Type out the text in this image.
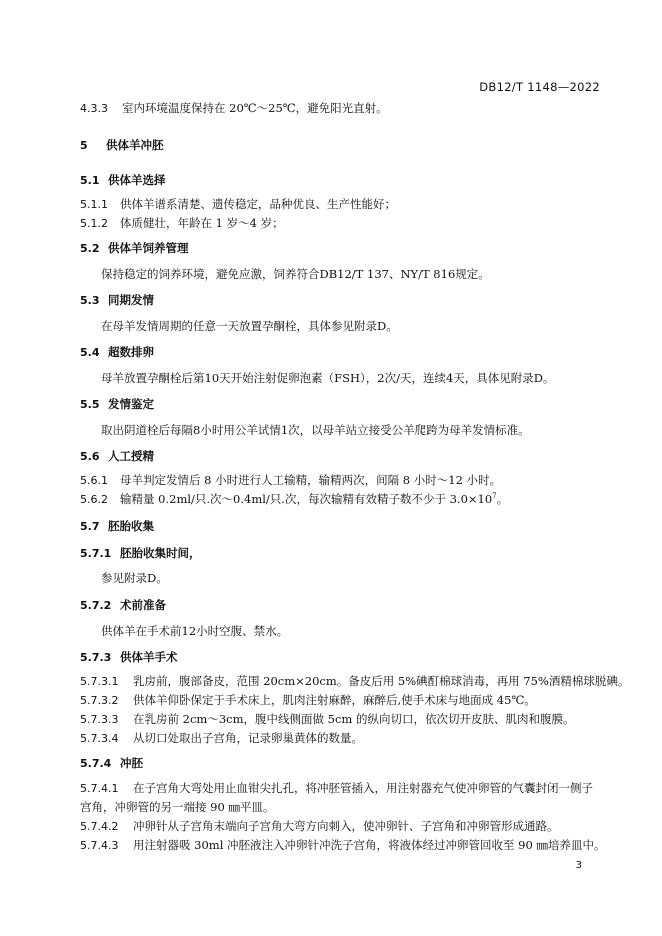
DB12/T 1148—2022
4.3.3 室内环境温度保持在 20℃～25℃，避免阳光直射。
5 供体羊冲胚
5.1 供体羊选择
5.1.1 供体羊谱系清楚、遗传稳定，品种优良、生产性能好；
5.1.2 体质健壮，年龄在 1 岁～4 岁；
5.2 供体羊饲养管理
保持稳定的饲养环境，避免应激，饲养符合DB12/T 137、NY/T 816规定。
5.3 同期发情
在母羊发情周期的任意一天放置孕酮栓，具体参见附录D。
5.4 超数排卵
母羊放置孕酮栓后第10天开始注射促卵泡素（FSH），2次/天，连续4天，具体见附录D。
5.5 发情鉴定
取出阴道栓后每隔8小时用公羊试情1次，以母羊站立接受公羊爬跨为母羊发情标准。
5.6 人工授精
5.6.1 母羊判定发情后 8 小时进行人工输精，输精两次，间隔 8 小时～12 小时。
5.6.2 输精量 0.2ml/只.次～0.4ml/只.次，每次输精有效精子数不少于 $3.0\times 10^7$。
5.7 胚胎收集
5.7.1 胚胎收集时间，
参见附录D。
5.7.2 术前准备
供体羊在手术前12小时空腹、禁水。
5.7.3 供体羊手术
5.7.3.1 乳房前，腹部备皮，范围 20cm×20cm。备皮后用 5%碘酊棉球消毒，再用 75%酒精棉球脱碘。
5.7.3.2 供体羊仰卧保定于手术床上，肌肉注射麻醉，麻醉后,使手术床与地面成 45℃。
5.7.3.3 在乳房前 2cm～3cm，腹中线侧面做 5cm 的纵向切口，依次切开皮肤、肌肉和腹膜。
5.7.3.4 从切口处取出子宫角，记录卵巢黄体的数量。
5.7.4 冲胚
5.7.4.1 在子宫角大弯处用止血钳尖扎孔，将冲胚管插入，用注射器充气使冲卵管的气囊封闭一侧子
宫角，冲卵管的另一端接 90 ㎜平皿。
5.7.4.2 冲卵针从子宫角末端向子宫角大弯方向刺入，使冲卵针、子宫角和冲卵管形成通路。
5.7.4.3 用注射器吸 30ml 冲胚液注入冲卵针冲洗子宫角，将液体经过冲卵管回收至 90 ㎜培养皿中。
3
